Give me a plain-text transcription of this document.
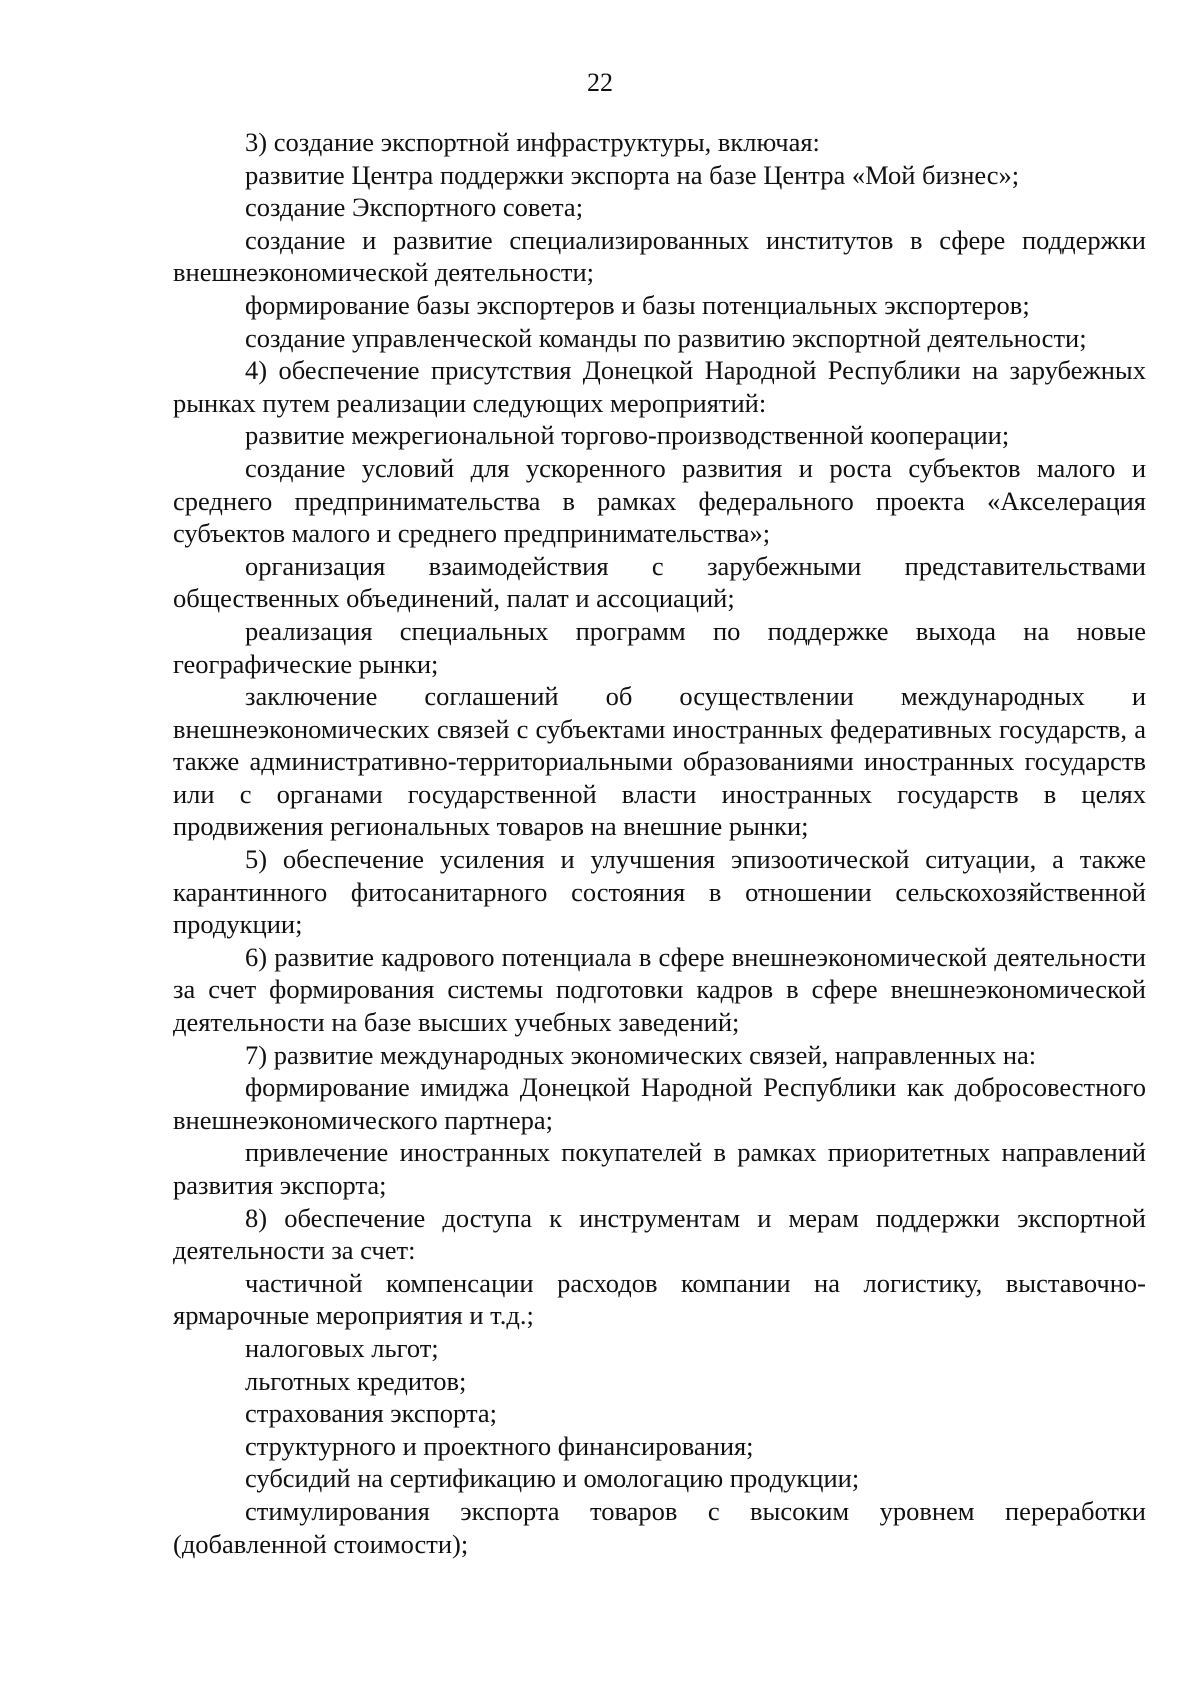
22

3) создание экспортной инфраструктуры, включая:

развитие Центра поддержки экспорта на базе Центра «Мой бизнес»;

создание Экспортного совета;

создание и развитие специализированных институтов в сфере поддержки внешнеэкономической деятельности;

формирование базы экспортеров и базы потенциальных экспортеров;

создание управленческой команды по развитию экспортной деятельности;

4) обеспечение присутствия Донецкой Народной Республики на зарубежных рынках путем реализации следующих мероприятий:

развитие межрегиональной торгово-производственной кооперации;

создание условий для ускоренного развития и роста субъектов малого и среднего предпринимательства в рамках федерального проекта «Акселерация субъектов малого и среднего предпринимательства»;

организация взаимодействия с зарубежными представительствами общественных объединений, палат и ассоциаций;

реализация специальных программ по поддержке выхода на новые географические рынки;

заключение соглашений об осуществлении международных и внешнеэкономических связей с субъектами иностранных федеративных государств, а также административно-территориальными образованиями иностранных государств или с органами государственной власти иностранных государств в целях продвижения региональных товаров на внешние рынки;

5) обеспечение усиления и улучшения эпизоотической ситуации, а также карантинного фитосанитарного состояния в отношении сельскохозяйственной продукции;

6) развитие кадрового потенциала в сфере внешнеэкономической деятельности за счет формирования системы подготовки кадров в сфере внешнеэкономической деятельности на базе высших учебных заведений;

7) развитие международных экономических связей, направленных на:

формирование имиджа Донецкой Народной Республики как добросовестного внешнеэкономического партнера;

привлечение иностранных покупателей в рамках приоритетных направлений развития экспорта;

8) обеспечение доступа к инструментам и мерам поддержки экспортной деятельности за счет:

частичной компенсации расходов компании на логистику, выставочно-ярмарочные мероприятия и т.д.;

налоговых льгот;

льготных кредитов;

страхования экспорта;

структурного и проектного финансирования;

субсидий на сертификацию и омологацию продукции;

стимулирования экспорта товаров с высоким уровнем переработки (добавленной стоимости);
